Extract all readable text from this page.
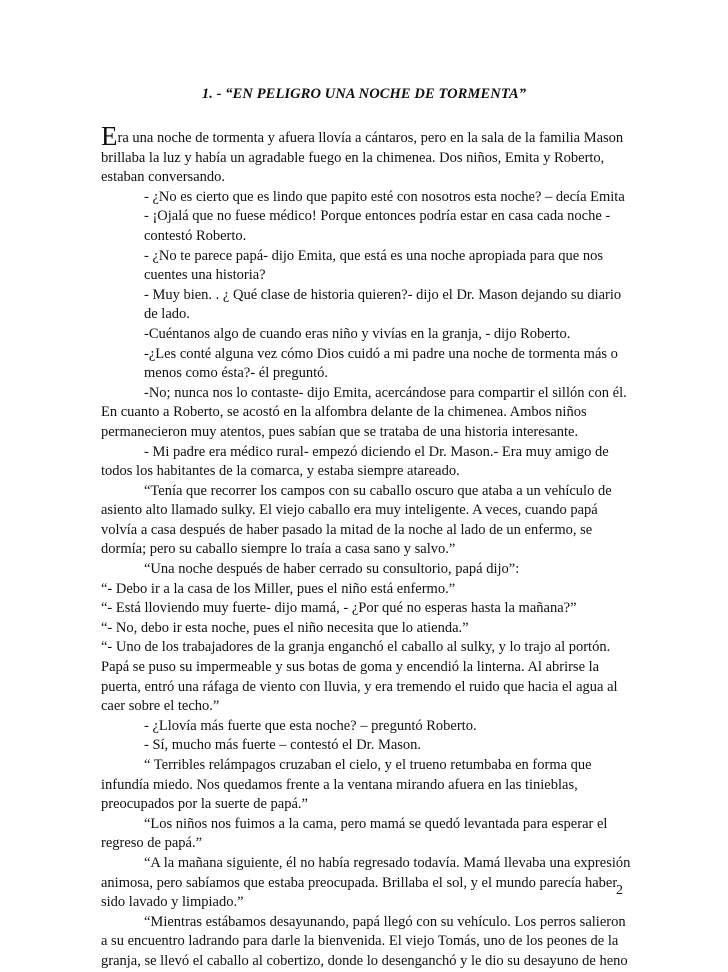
1. - “EN PELIGRO UNA NOCHE DE TORMENTA”

Era una noche de tormenta y afuera llovía a cántaros, pero en la sala de la familia Mason

brillaba la luz y había un agradable fuego en la chimenea. Dos niños, Emita y Roberto,

estaban conversando.

- ¿No es cierto que es lindo que papito esté con nosotros esta noche? – decía Emita

- ¡Ojalá que no fuese médico! Porque entonces podría estar en casa cada noche -

contestó Roberto.

- ¿No te parece papá- dijo Emita, que está es una noche apropiada para que nos

cuentes una historia?

- Muy bien. . ¿ Qué clase de historia quieren?- dijo el Dr. Mason dejando su diario

de lado.

-Cuéntanos algo de cuando eras niño y vivías en la granja, - dijo Roberto.

-¿Les conté alguna vez cómo Dios cuidó a mi padre una noche de tormenta más o

menos como ésta?- él preguntó.

-No; nunca nos lo contaste- dijo Emita, acercándose para compartir el sillón con él.

En cuanto a Roberto, se acostó en la alfombra delante de la chimenea. Ambos niños

permanecieron muy atentos, pues sabían que se trataba de una historia interesante.

- Mi padre era médico rural- empezó diciendo el Dr. Mason.- Era muy amigo de

todos los habitantes de la comarca, y estaba siempre atareado.

“Tenía que recorrer los campos con su caballo oscuro que ataba a un vehículo de

asiento alto llamado sulky. El viejo caballo era muy inteligente. A veces, cuando papá

volvía a casa después de haber pasado la mitad de la noche al lado de un enfermo, se

dormía; pero su caballo siempre lo traía a casa sano y salvo.”

“Una noche después de haber cerrado su consultorio, papá dijo”:

“- Debo ir a la casa de los Miller, pues el niño está enfermo.”

“- Está lloviendo muy fuerte- dijo mamá, - ¿Por qué no esperas hasta la mañana?”

“- No, debo ir esta noche, pues el niño necesita que lo atienda.”

“- Uno de los trabajadores de la granja enganchó el caballo al sulky, y lo trajo al portón.

Papá se puso su impermeable y sus botas de goma y encendió la linterna. Al abrirse la

puerta, entró una ráfaga de viento con lluvia, y era tremendo el ruido que hacia el agua al

caer sobre el techo.”

- ¿Llovía más fuerte que esta noche? – preguntó Roberto.

- Sí, mucho más fuerte – contestó el Dr. Mason.

“ Terribles relámpagos cruzaban el cielo, y el trueno retumbaba en forma que

infundía miedo. Nos quedamos frente a la ventana mirando afuera en las tinieblas,

preocupados por la suerte de papá.”

“Los niños nos fuimos a la cama, pero mamá se quedó levantada para esperar el

regreso de papá.”

“A la mañana siguiente, él no había regresado todavía. Mamá llevaba una expresión

animosa, pero sabíamos que estaba preocupada. Brillaba el sol, y el mundo parecía haber

sido lavado y limpiado.”

“Mientras estábamos desayunando, papá llegó con su vehículo. Los perros salieron

a su encuentro ladrando para darle la bienvenida. El viejo Tomás, uno de los peones de la

granja, se llevó el caballo al cobertizo, donde lo desenganchó y le dio su desayuno de heno

2
